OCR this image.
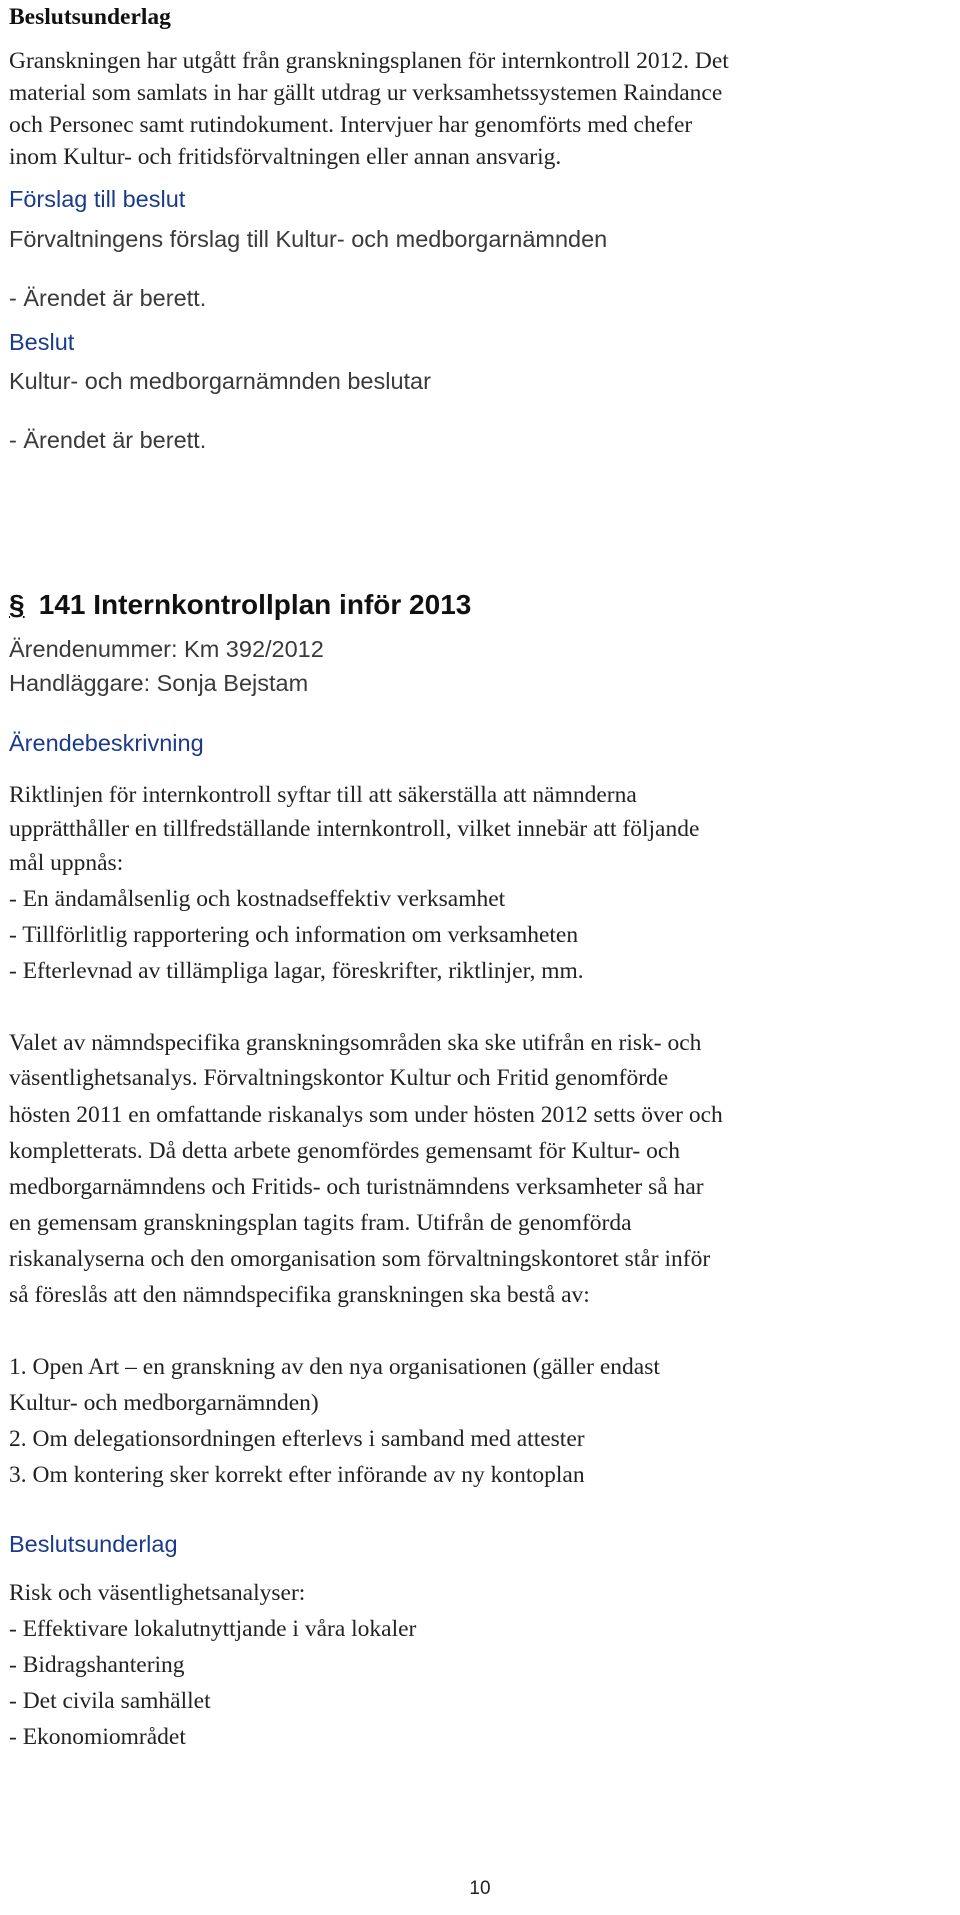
Beslutsunderlag
Granskningen har utgått från granskningsplanen för internkontroll 2012. Det
material som samlats in har gällt utdrag ur verksamhetssystemen Raindance
och Personec samt rutindokument. Intervjuer har genomförts med chefer
inom Kultur- och fritidsförvaltningen eller annan ansvarig.
Förslag till beslut
Förvaltningens förslag till Kultur- och medborgarnämnden
- Ärendet är berett.
Beslut
Kultur- och medborgarnämnden beslutar
- Ärendet är berett.
§ 141 Internkontrollplan inför 2013
Ärendenummer: Km 392/2012
Handläggare: Sonja Bejstam
Ärendebeskrivning
Riktlinjen för internkontroll syftar till att säkerställa att nämnderna
upprätthåller en tillfredställande internkontroll, vilket innebär att följande
mål uppnås:
- En ändamålsenlig och kostnadseffektiv verksamhet
- Tillförlitlig rapportering och information om verksamheten
- Efterlevnad av tillämpliga lagar, föreskrifter, riktlinjer, mm.
Valet av nämndspecifika granskningsområden ska ske utifrån en risk- och
väsentlighetsanalys. Förvaltningskontor Kultur och Fritid genomförde
hösten 2011 en omfattande riskanalys som under hösten 2012 setts över och
kompletterats. Då detta arbete genomfördes gemensamt för Kultur- och
medborgarnämndens och Fritids- och turistnämndens verksamheter så har
en gemensam granskningsplan tagits fram. Utifrån de genomförda
riskanalyserna och den omorganisation som förvaltningskontoret står inför
så föreslås att den nämndspecifika granskningen ska bestå av:
1. Open Art – en granskning av den nya organisationen (gäller endast
Kultur- och medborgarnämnden)
2. Om delegationsordningen efterlevs i samband med attester
3. Om kontering sker korrekt efter införande av ny kontoplan
Beslutsunderlag
Risk och väsentlighetsanalyser:
- Effektivare lokalutnyttjande i våra lokaler
- Bidragshantering
- Det civila samhället
- Ekonomiområdet
10
